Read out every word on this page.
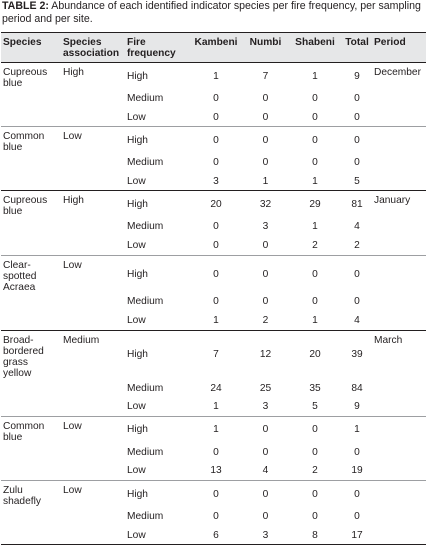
TABLE 2: Abundance of each identified indicator species per fire frequency, per sampling period and per site.
Species	Species association	Fire frequency	Kambeni	Numbi	Shabeni	Total	Period
Cupreous blue	High	High	1	7	1	9	December
		Medium	0	0	0	0	
		Low	0	0	0	0	
Common blue	Low	High	0	0	0	0	
		Medium	0	0	0	0	
		Low	3	1	1	5	
Cupreous blue	High	High	20	32	29	81	January
		Medium	0	3	1	4	
		Low	0	0	2	2	
Clear-spotted Acraea	Low	High	0	0	0	0	
		Medium	0	0	0	0	
		Low	1	2	1	4	
Broad-bordered grass yellow	Medium	High	7	12	20	39	March
		Medium	24	25	35	84	
		Low	1	3	5	9	
Common blue	Low	High	1	0	0	1	
		Medium	0	0	0	0	
		Low	13	4	2	19	
Zulu shadefly	Low	High	0	0	0	0	
		Medium	0	0	0	0	
		Low	6	3	8	17	
